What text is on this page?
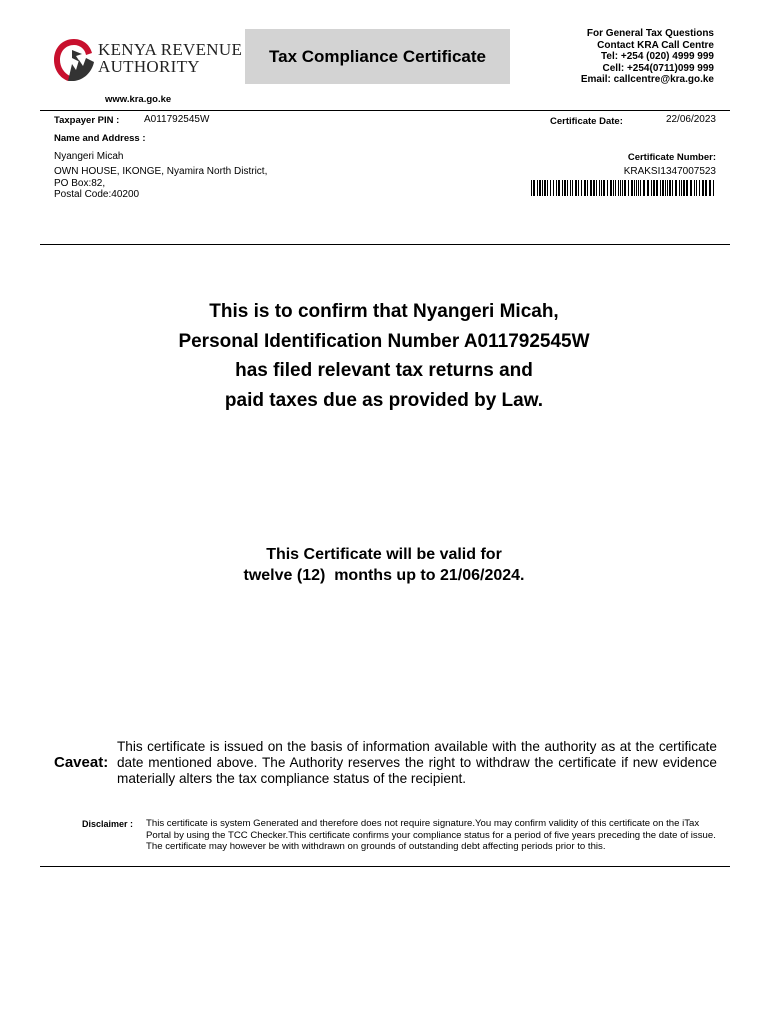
KENYA REVENUE
AUTHORITY
Tax Compliance Certificate
For General Tax Questions
Contact KRA Call Centre
Tel: +254 (020) 4999 999
Cell: +254(0711)099 999
Email: callcentre@kra.go.ke
www.kra.go.ke
Taxpayer PIN : A011792545W
Name and Address :
Nyangeri Micah
OWN HOUSE, IKONGE, Nyamira North District,
PO Box:82,
Postal Code:40200
Certificate Date:	22/06/2023
Certificate Number:
KRAKSI1347007523
This is to confirm that Nyangeri Micah,
Personal Identification Number A011792545W
has filed relevant tax returns and
paid taxes due as provided by Law.
This Certificate will be valid for
twelve (12)  months up to 21/06/2024.
Caveat:
This certificate is issued on the basis of information available with the authority as at the certificate date mentioned above. The Authority reserves the right to withdraw the certificate if new evidence materially alters the tax compliance status of the recipient.
Disclaimer : This certificate is system Generated and therefore does not require signature.You may confirm validity of this certificate on the iTax Portal by using the TCC Checker.This certificate confirms your compliance status for a period of five years preceding the date of issue. The certificate may however be with withdrawn on grounds of outstanding debt affecting periods prior to this.
